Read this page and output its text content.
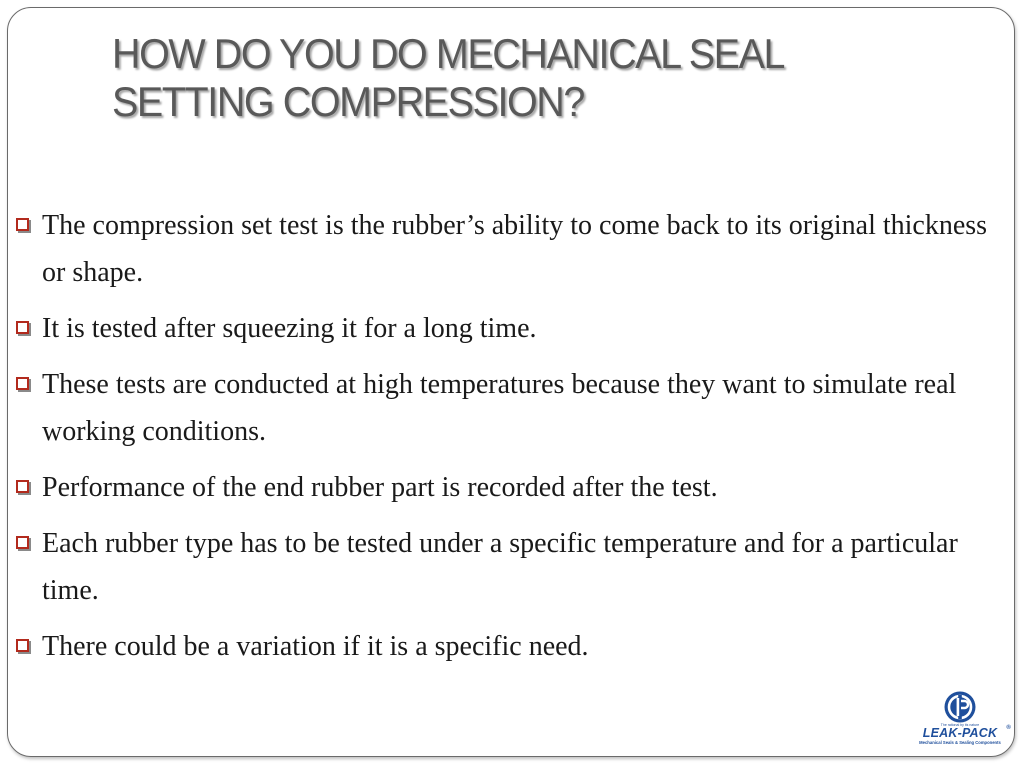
HOW DO YOU DO MECHANICAL SEAL
SETTING COMPRESSION?
The compression set test is the rubber’s ability to come back to its original thickness or shape.
It is tested after squeezing it for a long time.
These tests are conducted at high temperatures because they want to simulate real working conditions.
Performance of the end rubber part is recorded after the test.
Each rubber type has to be tested under a specific temperature and for a particular time.
There could be a variation if it is a specific need.
The rational by its nature
LEAK-PACK ®
Mechanical Seals & Sealing Components
